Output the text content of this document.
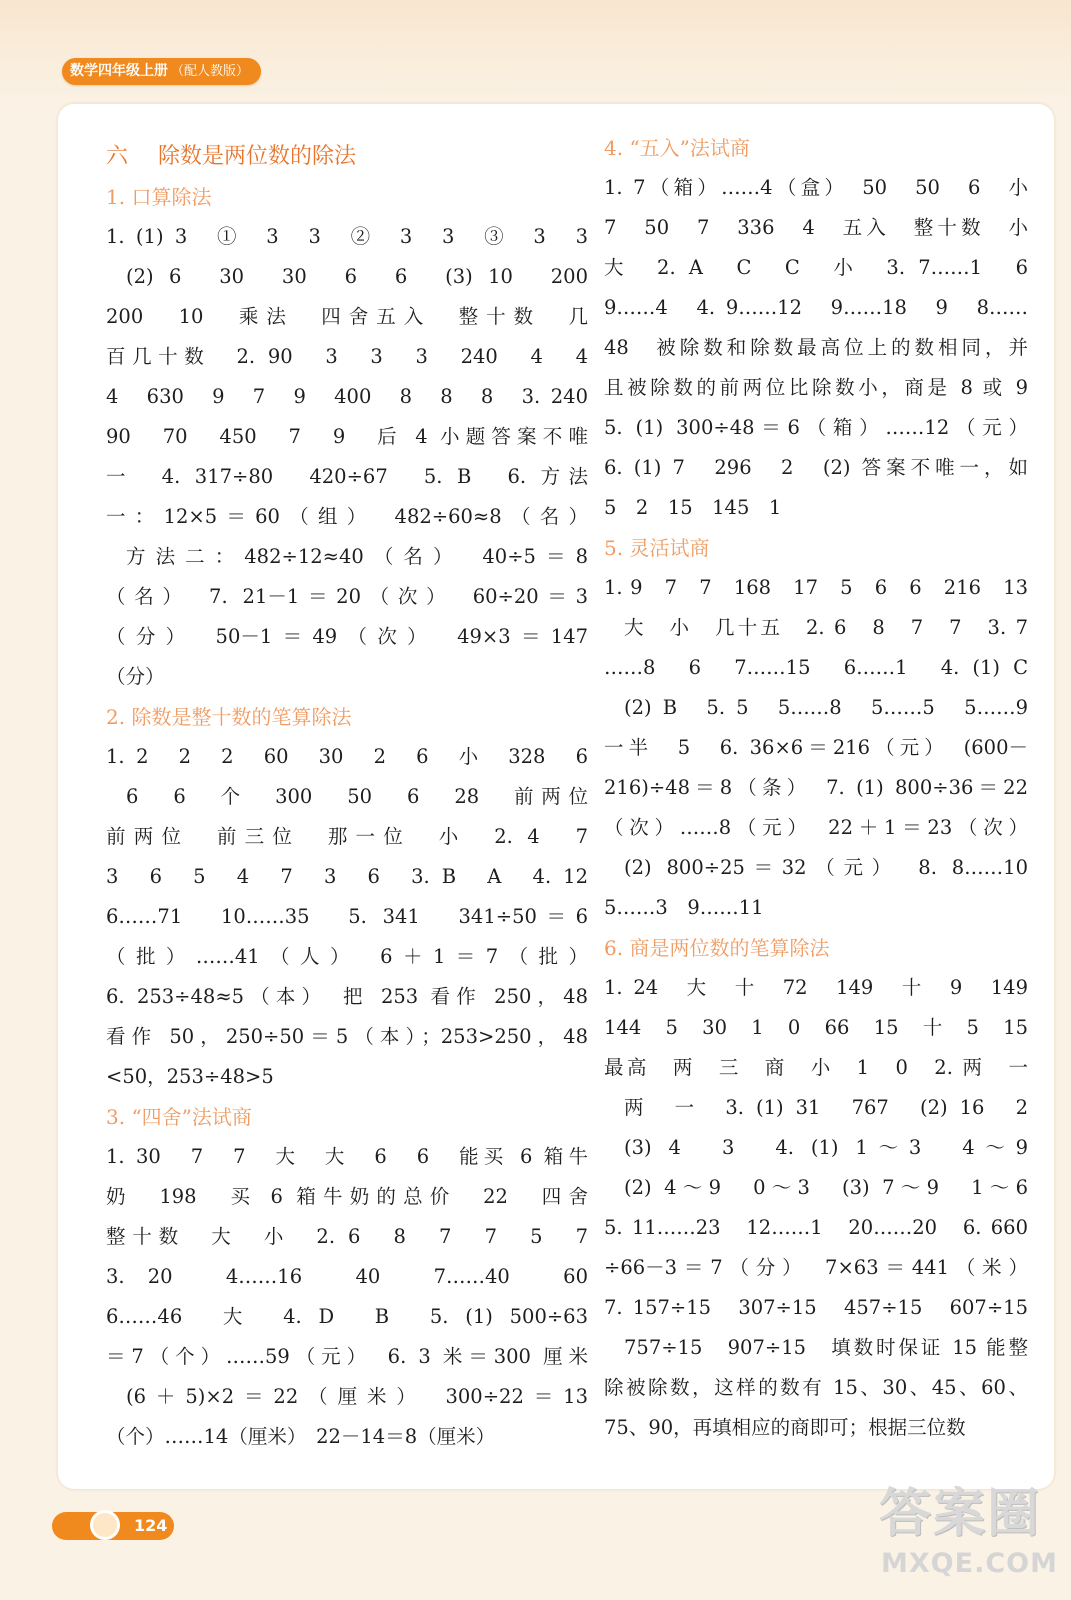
数学四年级上册 （配人教版）
六 除数是两位数的除法
1. 口算除法
1. (1) 3　①　3　3　②　3　3　③　3　3
(2) 6　30　30　6　6　(3) 10　200
200　10　乘法　四舍五入　整十数　几
百几十数　2. 90　3　3　3　240　4　4
4　630　9　7　9　400　8　8　8　3. 240
90　70　450　7　9　后 4 小题答案不唯
一　4. 317÷80　420÷67　5. B　6. 方法
一：12×5＝60（组）　482÷60≈8（名）
方法二：482÷12≈40（名）　40÷5＝8
（名）　7. 21－1＝20（次）　60÷20＝3
（分）　50－1＝49（次）　49×3＝147
（分）
2. 除数是整十数的笔算除法
1. 2　2　2　60　30　2　6　小　328　6
6　6　个　300　50　6　28　前两位
前两位　前三位　那一位　小　2. 4　7
3　6　5　4　7　3　6　3. B　A　4. 12
6……71　10……35　5. 341　341÷50＝6
（批）……41（人）　6＋1＝7（批）
6. 253÷48≈5（本）　把 253 看作 250，48
看作 50，250÷50＝5（本）；253>250，48
<50，253÷48>5
3. “四舍”法试商
1. 30　7　7　大　大　6　6　能买 6 箱牛
奶　198　买 6 箱牛奶的总价　22　四舍
整十数　大　小　2. 6　8　7　7　5　7
3. 20　4……16　40　7……40　60
6……46　大　4. D　B　5. (1) 500÷63
＝7（个）……59（元）　6. 3 米＝300 厘米
(6＋5)×2＝22（厘米）　300÷22＝13
（个）……14（厘米）　22－14＝8（厘米）
4. “五入”法试商
1. 7（箱）……4（盒）　50　50　6　小
7　50　7　336　4　五入　整十数　小
大　2. A　C　C　小　3. 7……1　6
9……4　4. 9……12　9……18　9　8……
48　被除数和除数最高位上的数相同，并
且被除数的前两位比除数小，商是 8 或 9
5. (1) 300÷48＝6（箱）……12（元）
6. (1) 7　296　2　(2) 答案不唯一，如
5　2　15　145　1
5. 灵活试商
1. 9　7　7　168　17　5　6　6　216　13
大　小　几十五　2. 6　8　7　7　3. 7
……8　6　7……15　6……1　4. (1) C
(2) B　5. 5　5……8　5……5　5……9
一半　5　6. 36×6＝216（元）　(600－
216)÷48＝8（条）　7. (1) 800÷36＝22
（次）……8（元）　22＋1＝23（次）
(2) 800÷25＝32（元）　8. 8……10
5……3　9……11
6. 商是两位数的笔算除法
1. 24　大　十　72　149　十　9　149
144　5　30　1　0　66　15　十　5　15
最高　两　三　商　小　1　0　2. 两　一
两　一　3. (1) 31　767　(2) 16　2
(3) 4　3　4. (1) 1～3　4～9
(2) 4～9　0～3　(3) 7～9　1～6
5. 11……23　12……1　20……20　6. 660
÷66－3＝7（分）　7×63＝441（米）
7. 157÷15　307÷15　457÷15　607÷15
757÷15　907÷15　填数时保证 15 能整
除被除数，这样的数有 15、30、45、60、
75、90，再填相应的商即可；根据三位数
124	答案圈
MXQE.COM
